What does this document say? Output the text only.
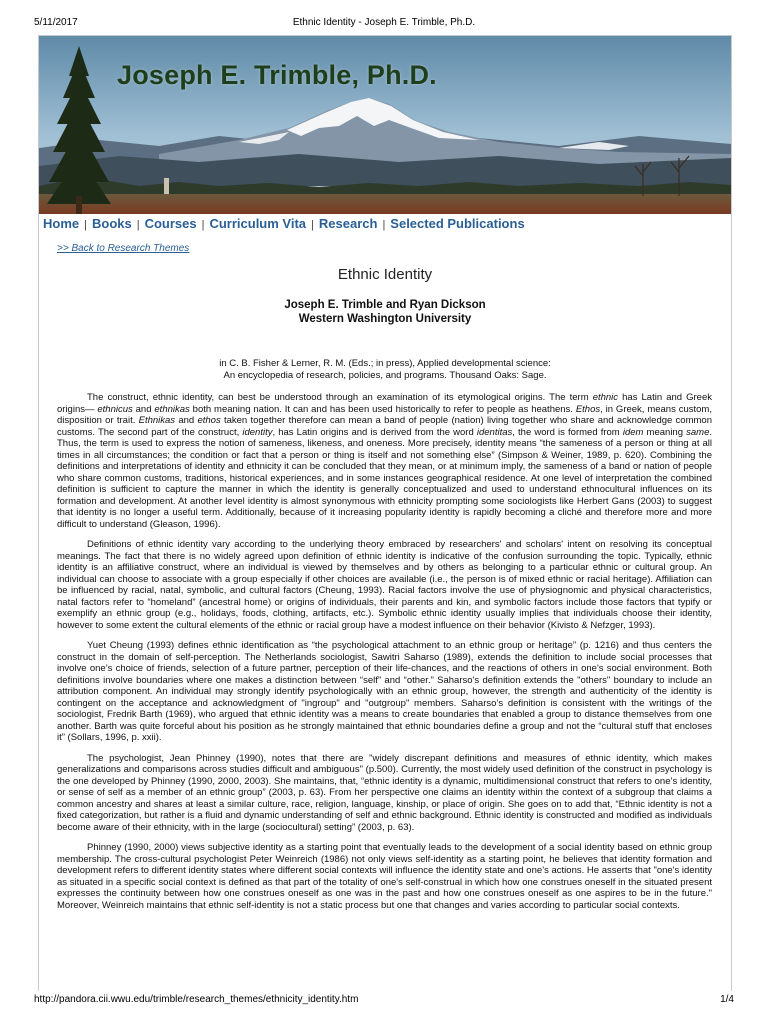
5/11/2017	Ethnic Identity - Joseph E. Trimble, Ph.D.
Joseph E. Trimble, Ph.D.
Home | Books | Courses | Curriculum Vita | Research | Selected Publications
>> Back to Research Themes
Ethnic Identity
Joseph E. Trimble and Ryan Dickson
Western Washington University
in C. B. Fisher & Lerner, R. M. (Eds.; in press), Applied developmental science:
An encyclopedia of research, policies, and programs. Thousand Oaks: Sage.

The construct, ethnic identity, can best be understood through an examination of its etymological origins. The term ethnic has Latin and Greek origins— ethnicus and ethnikas both meaning nation. It can and has been used historically to refer to people as heathens. Ethos, in Greek, means custom, disposition or trait. Ethnikas and ethos taken together therefore can mean a band of people (nation) living together who share and acknowledge common customs. The second part of the construct, identity, has Latin origins and is derived from the word identitas, the word is formed from idem meaning same. Thus, the term is used to express the notion of sameness, likeness, and oneness. More precisely, identity means “the sameness of a person or thing at all times in all circumstances; the condition or fact that a person or thing is itself and not something else” (Simpson & Weiner, 1989, p. 620). Combining the definitions and interpretations of identity and ethnicity it can be concluded that they mean, or at minimum imply, the sameness of a band or nation of people who share common customs, traditions, historical experiences, and in some instances geographical residence. At one level of interpretation the combined definition is sufficient to capture the manner in which the identity is generally conceptualized and used to understand ethnocultural influences on its formation and development. At another level identity is almost synonymous with ethnicity prompting some sociologists like Herbert Gans (2003) to suggest that identity is no longer a useful term. Additionally, because of it increasing popularity identity is rapidly becoming a cliché and therefore more and more difficult to understand (Gleason, 1996).

Definitions of ethnic identity vary according to the underlying theory embraced by researchers' and scholars' intent on resolving its conceptual meanings. The fact that there is no widely agreed upon definition of ethnic identity is indicative of the confusion surrounding the topic. Typically, ethnic identity is an affiliative construct, where an individual is viewed by themselves and by others as belonging to a particular ethnic or cultural group. An individual can choose to associate with a group especially if other choices are available (i.e., the person is of mixed ethnic or racial heritage). Affiliation can be influenced by racial, natal, symbolic, and cultural factors (Cheung, 1993). Racial factors involve the use of physiognomic and physical characteristics, natal factors refer to “homeland” (ancestral home) or origins of individuals, their parents and kin, and symbolic factors include those factors that typify or exemplify an ethnic group (e.g., holidays, foods, clothing, artifacts, etc.). Symbolic ethnic identity usually implies that individuals choose their identity, however to some extent the cultural elements of the ethnic or racial group have a modest influence on their behavior (Kivisto & Nefzger, 1993).

Yuet Cheung (1993) defines ethnic identification as “the psychological attachment to an ethnic group or heritage” (p. 1216) and thus centers the construct in the domain of self-perception. The Netherlands sociologist, Sawitri Saharso (1989), extends the definition to include social processes that involve one’s choice of friends, selection of a future partner, perception of their life-chances, and the reactions of others in one's social environment. Both definitions involve boundaries where one makes a distinction between “self” and “other.” Saharso's definition extends the "others" boundary to include an attribution component. An individual may strongly identify psychologically with an ethnic group, however, the strength and authenticity of the identity is contingent on the acceptance and acknowledgment of "ingroup" and "outgroup" members. Saharso’s definition is consistent with the writings of the sociologist, Fredrik Barth (1969), who argued that ethnic identity was a means to create boundaries that enabled a group to distance themselves from one another. Barth was quite forceful about his position as he strongly maintained that ethnic boundaries define a group and not the “cultural stuff that encloses it” (Sollars, 1996, p. xxii).

The psychologist, Jean Phinney (1990), notes that there are "widely discrepant definitions and measures of ethnic identity, which makes generalizations and comparisons across studies difficult and ambiguous" (p.500). Currently, the most widely used definition of the construct in psychology is the one developed by Phinney (1990, 2000, 2003). She maintains, that, “ethnic identity is a dynamic, multidimensional construct that refers to one’s identity, or sense of self as a member of an ethnic group” (2003, p. 63). From her perspective one claims an identity within the context of a subgroup that claims a common ancestry and shares at least a similar culture, race, religion, language, kinship, or place of origin. She goes on to add that, “Ethnic identity is not a fixed categorization, but rather is a fluid and dynamic understanding of self and ethnic background. Ethnic identity is constructed and modified as individuals become aware of their ethnicity, with in the large (sociocultural) setting” (2003, p. 63).

Phinney (1990, 2000) views subjective identity as a starting point that eventually leads to the development of a social identity based on ethnic group membership. The cross-cultural psychologist Peter Weinreich (1986) not only views self-identity as a starting point, he believes that identity formation and development refers to different identity states where different social contexts will influence the identity state and one’s actions. He asserts that "one's identity as situated in a specific social context is defined as that part of the totality of one's self-construal in which how one construes oneself in the situated present expresses the continuity between how one construes oneself as one was in the past and how one construes oneself as one aspires to be in the future." Moreover, Weinreich maintains that ethnic self-identity is not a static process but one that changes and varies according to particular social contexts.

http://pandora.cii.wwu.edu/trimble/research_themes/ethnicity_identity.htm	1/4
